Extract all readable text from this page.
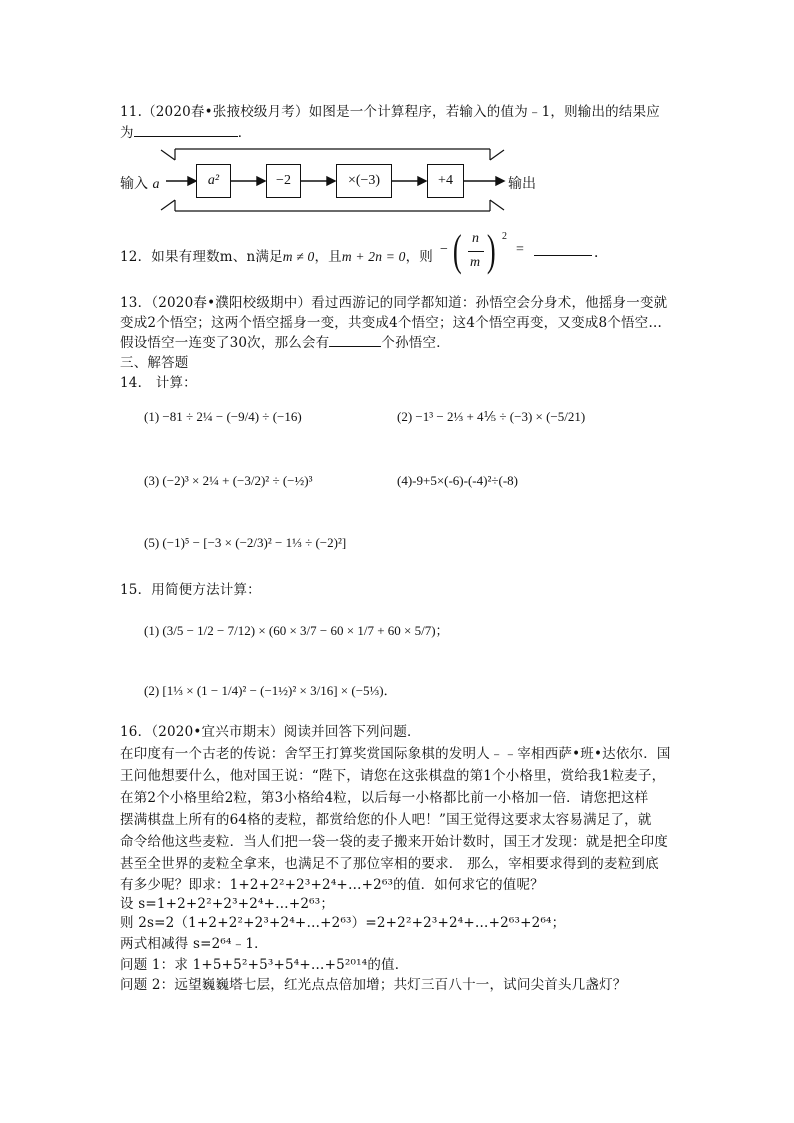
11.（2020春•张掖校级月考）如图是一个计算程序，若输入的值为﹣1，则输出的结果应
为	．
输入 a	a²	−2	×(−3)	+4	输出
12．如果有理数m、n满足m ≠ 0，且m + 2n = 0，则 − ( n
m ) 2
=	．
13．（2020春•濮阳校级期中）看过西游记的同学都知道：孙悟空会分身术，他摇身一变就
变成2个悟空；这两个悟空摇身一变，共变成4个悟空；这4个悟空再变，又变成8个悟空…
假设悟空一连变了30次，那么会有	个孙悟空．
三、解答题
14． 计算：
(1) −81 ÷ 2¼ − (−9/4) ÷ (−16)	(2) −1³ − 2⅓ + 4⅕ ÷ (−3) × (−5/21)
(3) (−2)³ × 2¼ + (−3/2)² ÷ (−½)³	(4)-9+5×(-6)-(-4)²÷(-8)
(5) (−1)⁵ − [−3 × (−2/3)² − 1⅓ ÷ (−2)²]
15．用简便方法计算：
(1) (3/5 − 1/2 − 7/12) × (60 × 3/7 − 60 × 1/7 + 60 × 5/7)；
(2) [1⅓ × (1 − 1/4)² − (−1½)² × 3/16] × (−5⅓)．
16．（2020•宜兴市期末）阅读并回答下列问题．
在印度有一个古老的传说：舍罕王打算奖赏国际象棋的发明人﹣﹣宰相西萨•班•达依尔．国
王问他想要什么，他对国王说：“陛下，请您在这张棋盘的第1个小格里，赏给我1粒麦子，
在第2个小格里给2粒，第3小格给4粒，以后每一小格都比前一小格加一倍．请您把这样
摆满棋盘上所有的64格的麦粒，都赏给您的仆人吧！”国王觉得这要求太容易满足了，就
命令给他这些麦粒．当人们把一袋一袋的麦子搬来开始计数时，国王才发现：就是把全印度
甚至全世界的麦粒全拿来，也满足不了那位宰相的要求． 那么，宰相要求得到的麦粒到底
有多少呢？即求：1+2+2²+2³+2⁴+…+2⁶³的值．如何求它的值呢？
设 s=1+2+2²+2³+2⁴+…+2⁶³；
则 2s=2（1+2+2²+2³+2⁴+…+2⁶³）=2+2²+2³+2⁴+…+2⁶³+2⁶⁴；
两式相减得 s=2⁶⁴﹣1．
问题 1：求 1+5+5²+5³+5⁴+…+5²⁰¹⁴的值．
问题 2：远望巍巍塔七层，红光点点倍加增；共灯三百八十一，试问尖首头几盏灯？
